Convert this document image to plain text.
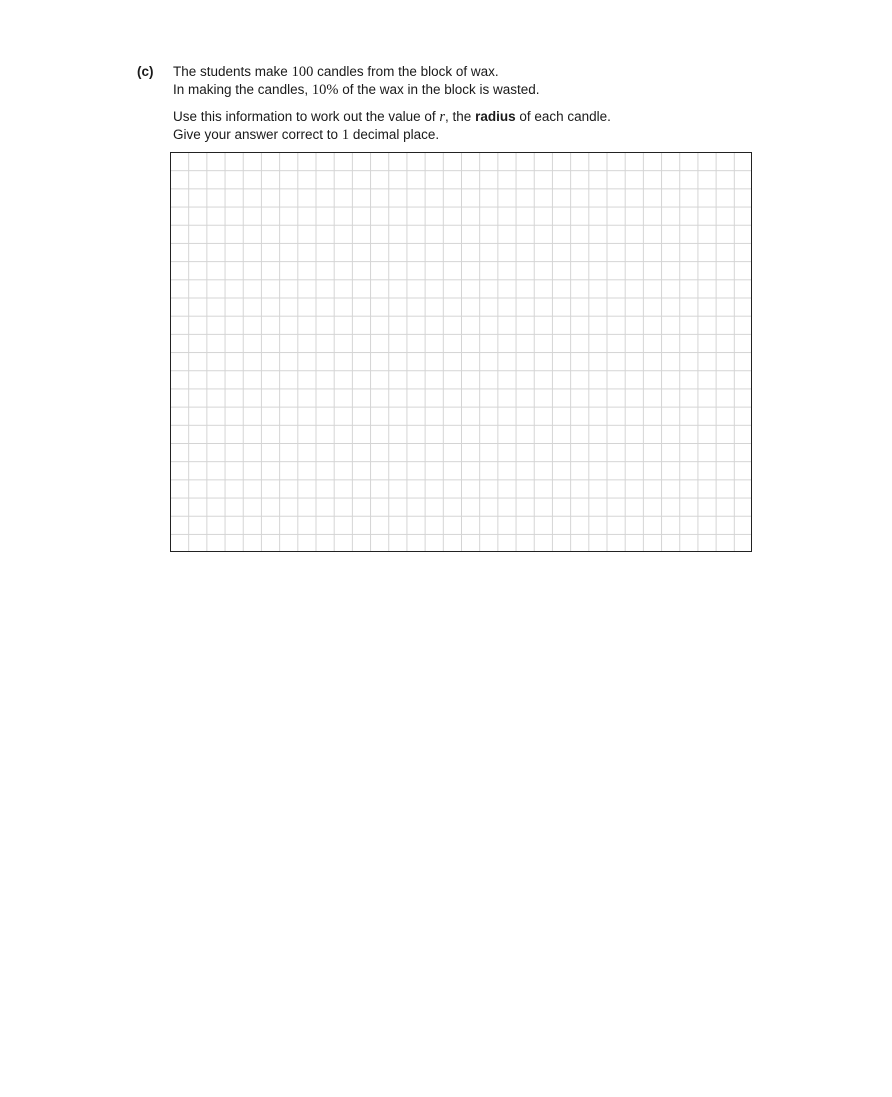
(c) The students make 100 candles from the block of wax.

In making the candles, 10% of the wax in the block is wasted.

Use this information to work out the value of r, the radius of each candle.

Give your answer correct to 1 decimal place.
